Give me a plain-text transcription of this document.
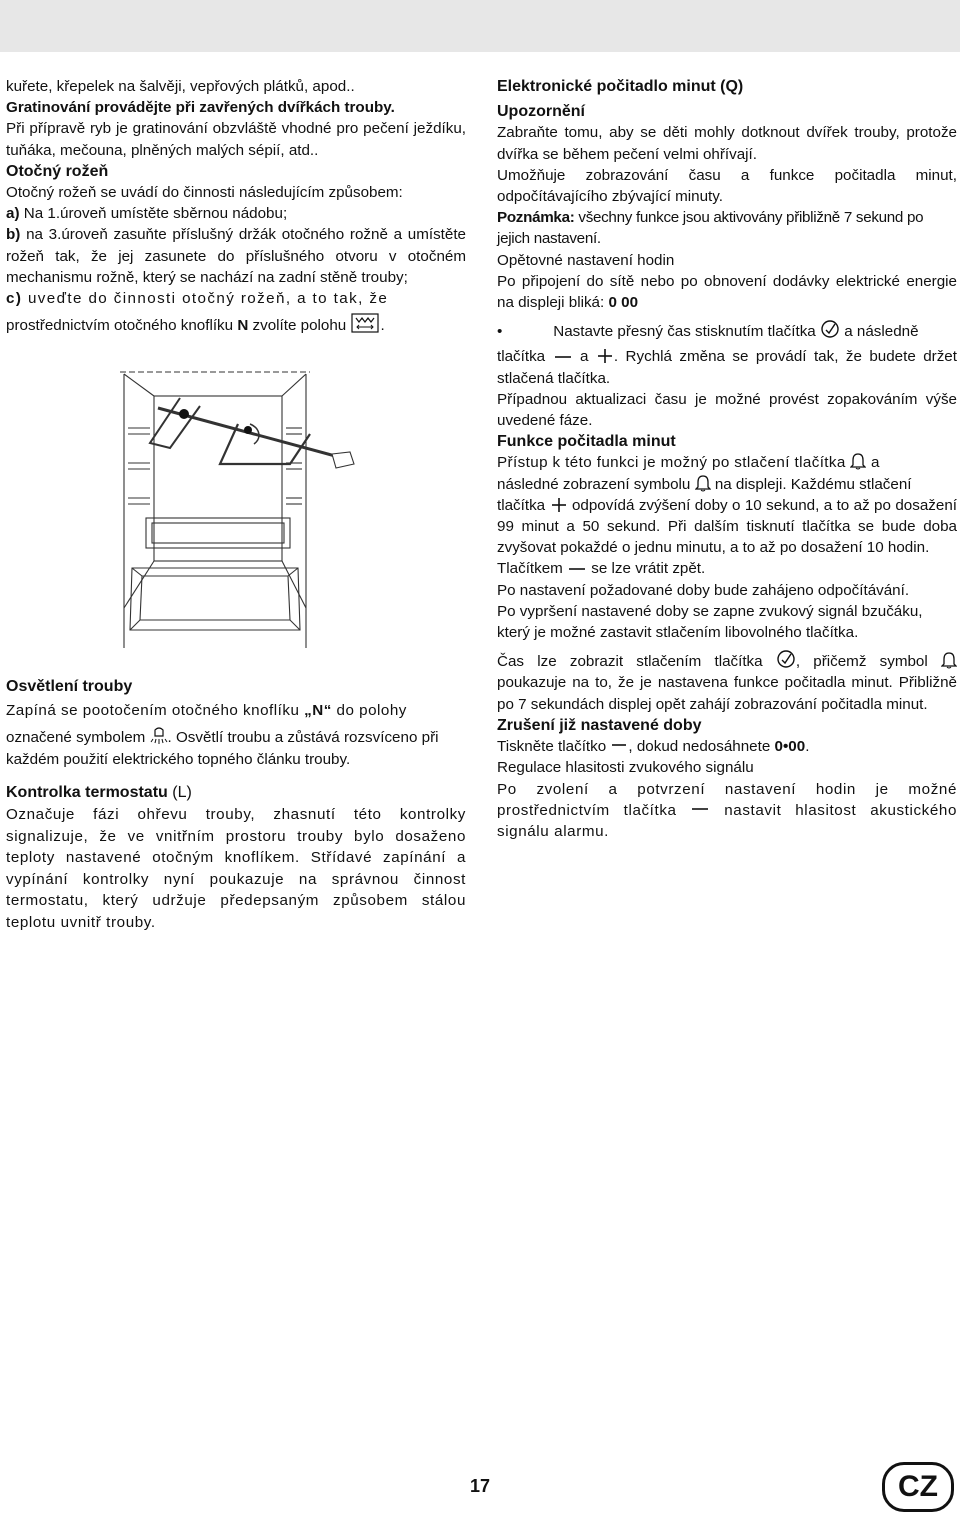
kuřete, křepelek na šalvěji, vepřových plátků, apod..

Gratinování provádějte při zavřených dvířkách trouby.

Při přípravě ryb je gratinování obzvláště vhodné pro pečení ježdíku, tuňáka, mečouna, plněných malých sépií, atd..

Otočný rožeň

Otočný rožeň se uvádí do činnosti následujícím způsobem:

a) Na 1.úroveň umístěte sběrnou nádobu;

b) na 3.úroveň zasuňte příslušný držák otočného rožně a umístěte rožeň tak, že jej zasunete do příslušného otvoru v otočném mechanismu rožně, který se nachází na zadní stěně trouby;

c) uveďte do činnosti otočný rožeň, a to tak, že

prostřednictvím otočného knoflíku N zvolíte polohu .

Osvětlení trouby

Zapíná se pootočením otočného knoflíku „N“ do polohy

označené symbolem . Osvětlí troubu a zůstává rozsvíceno při každém použití elektrického topného článku trouby.

Kontrolka termostatu (L)

Označuje fázi ohřevu trouby, zhasnutí této kontrolky signalizuje, že ve vnitřním prostoru trouby bylo dosaženo teploty nastavené otočným knoflíkem. Střídavé zapínání a vypínání kontrolky nyní poukazuje na správnou činnost termostatu, který udržuje předepsaným způsobem stálou teplotu uvnitř trouby.

Elektronické počitadlo minut (Q)

Upozornění

Zabraňte tomu, aby se děti mohly dotknout dvířek trouby, protože dvířka se během pečení velmi ohřívají.

Umožňuje zobrazování času a funkce počitadla minut, odpočítávajícího zbývající minuty.

Poznámka: všechny funkce jsou aktivovány přibližně 7 sekund po jejich nastavení.

Opětovné nastavení hodin

Po připojení do sítě nebo po obnovení dodávky elektrické energie na displeji bliká: 0 00

•	Nastavte přesný čas stisknutím tlačítka a následně

tlačítka a . Rychlá změna se provádí tak, že budete držet stlačená tlačítka.

Případnou aktualizaci času je možné provést zopakováním výše uvedené fáze.

Funkce počitadla minut

Přístup k této funkci je možný po stlačení tlačítka a

následné zobrazení symbolu na displeji. Každému stlačení

tlačítka odpovídá zvýšení doby o 10 sekund, a to až po dosažení 99 minut a 50 sekund. Při dalším tisknutí tlačítka se bude doba zvyšovat pokaždé o jednu minutu, a to až po dosažení 10 hodin.

Tlačítkem se lze vrátit zpět.

Po nastavení požadované doby bude zahájeno odpočítávání.

Po vypršení nastavené doby se zapne zvukový signál bzučáku, který je možné zastavit stlačením libovolného tlačítka.

Čas lze zobrazit stlačením tlačítka , přičemž symbol
poukazuje na to, že je nastavena funkce počitadla minut. Přibližně po 7 sekundách displej opět zahájí zobrazování počitadla minut.

Zrušení již nastavené doby

Tiskněte tlačítko , dokud nedosáhnete 0•00.

Regulace hlasitosti zvukového signálu

Po zvolení a potvrzení nastavení hodin je možné prostřednictvím tlačítka	nastavit hlasitost akustického signálu alarmu.

17	CZ
